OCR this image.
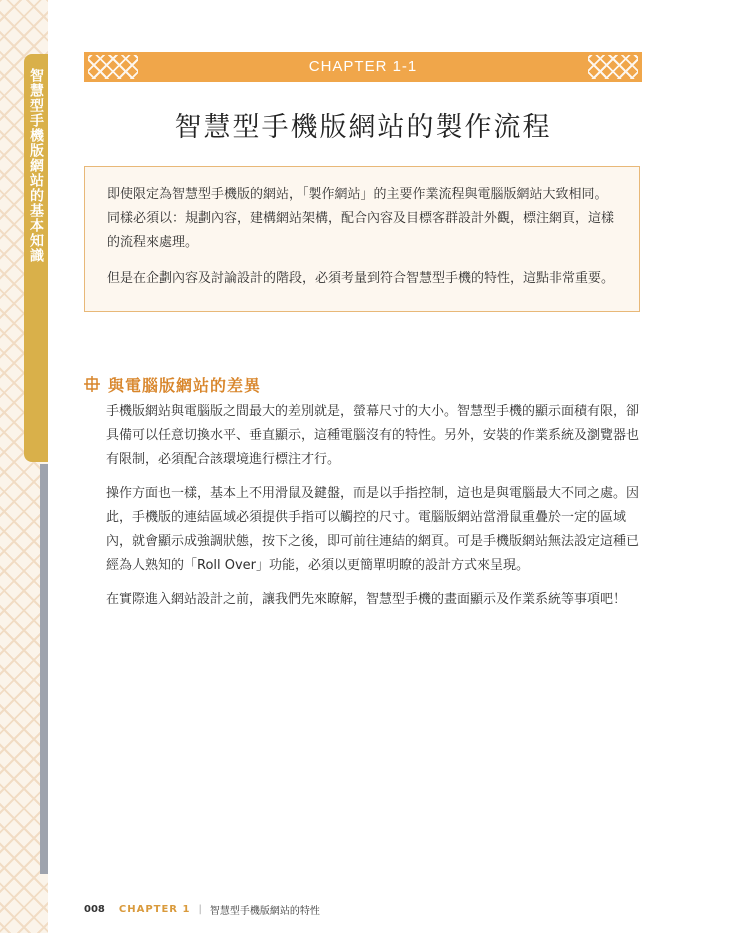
智慧型手機版網站的基本知識
CHAPTER 1-1
智慧型手機版網站的製作流程

即使限定為智慧型手機版的網站，「製作網站」的主要作業流程與電腦版網站大致相同。同樣必須以：規劃內容，建構網站架構，配合內容及目標客群設計外觀，標注網頁，這樣的流程來處理。

但是在企劃內容及討論設計的階段，必須考量到符合智慧型手機的特性，這點非常重要。

與電腦版網站的差異

手機版網站與電腦版之間最大的差別就是，螢幕尺寸的大小。智慧型手機的顯示面積有限，卻具備可以任意切換水平、垂直顯示，這種電腦沒有的特性。另外，安裝的作業系統及瀏覽器也有限制，必須配合該環境進行標注才行。

操作方面也一樣，基本上不用滑鼠及鍵盤，而是以手指控制，這也是與電腦最大不同之處。因此，手機版的連結區域必須提供手指可以觸控的尺寸。電腦版網站當滑鼠重疊於一定的區域內，就會顯示成強調狀態，按下之後，即可前往連結的網頁。可是手機版網站無法設定這種已經為人熟知的「Roll Over」功能，必須以更簡單明瞭的設計方式來呈現。

在實際進入網站設計之前，讓我們先來瞭解，智慧型手機的畫面顯示及作業系統等事項吧！

008 CHAPTER 1 | 智慧型手機版網站的特性
